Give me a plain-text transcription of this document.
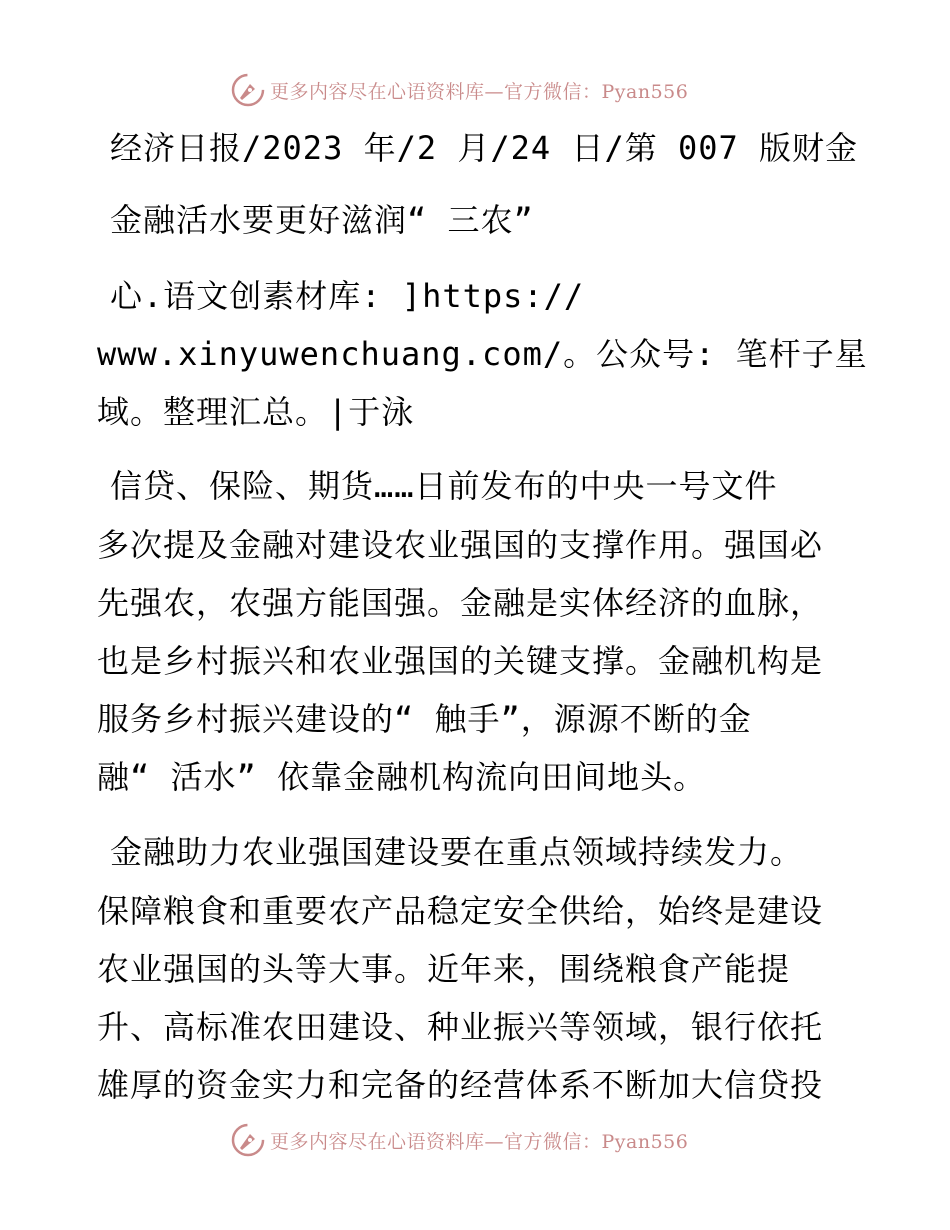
更多内容尽在心语资料库—官方微信：Pyan556
经济日报/2023 年/2 月/24 日/第 007 版财金
金融活水要更好滋润“ 三农”
心.语文创素材库: ]https://
www.xinyuwenchuang.com/。公众号: 笔杆子星
域。整理汇总。|于泳
信贷、保险、期货……日前发布的中央一号文件
多次提及金融对建设农业强国的支撑作用。强国必
先强农，农强方能国强。金融是实体经济的血脉，
也是乡村振兴和农业强国的关键支撑。金融机构是
服务乡村振兴建设的“ 触手”，源源不断的金
融“ 活水” 依靠金融机构流向田间地头。
金融助力农业强国建设要在重点领域持续发力。
保障粮食和重要农产品稳定安全供给，始终是建设
农业强国的头等大事。近年来，围绕粮食产能提
升、高标准农田建设、种业振兴等领域，银行依托
雄厚的资金实力和完备的经营体系不断加大信贷投
更多内容尽在心语资料库—官方微信：Pyan556
